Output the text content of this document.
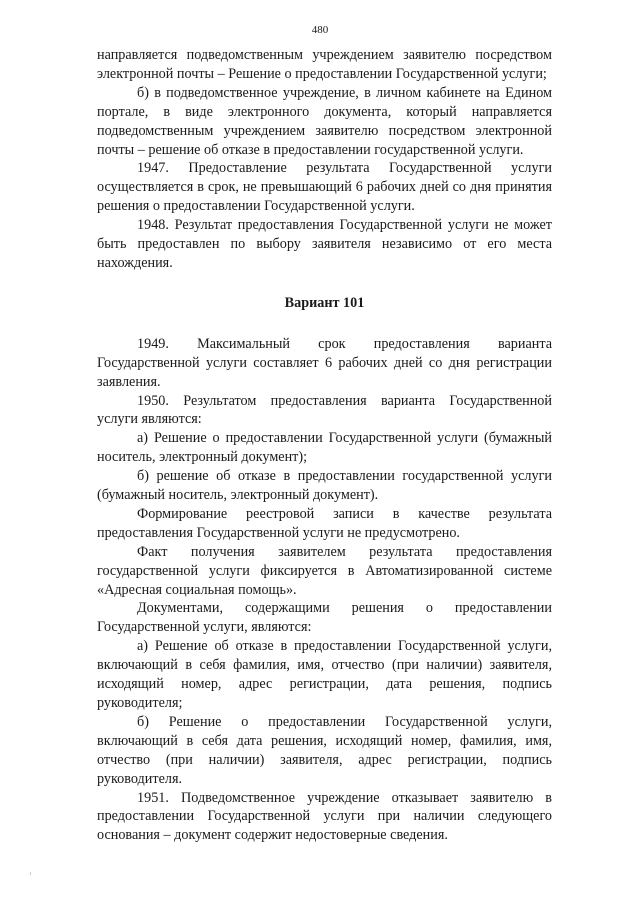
480

направляется подведомственным учреждением заявителю посредством электронной почты – Решение о предоставлении Государственной услуги;

б) в подведомственное учреждение, в личном кабинете на Едином портале, в виде электронного документа, который направляется подведомственным учреждением заявителю посредством электронной почты – решение об отказе в предоставлении государственной услуги.

1947. Предоставление результата Государственной услуги осуществляется в срок, не превышающий 6 рабочих дней со дня принятия решения о предоставлении Государственной услуги.

1948. Результат предоставления Государственной услуги не может быть предоставлен по выбору заявителя независимо от его места нахождения.

Вариант 101

1949. Максимальный срок предоставления варианта Государственной услуги составляет 6 рабочих дней со дня регистрации заявления.

1950. Результатом предоставления варианта Государственной услуги являются:

а) Решение о предоставлении Государственной услуги (бумажный носитель, электронный документ);

б) решение об отказе в предоставлении государственной услуги (бумажный носитель, электронный документ).

Формирование реестровой записи в качестве результата предоставления Государственной услуги не предусмотрено.

Факт получения заявителем результата предоставления государственной услуги фиксируется в Автоматизированной системе «Адресная социальная помощь».

Документами, содержащими решения о предоставлении Государственной услуги, являются:

а) Решение об отказе в предоставлении Государственной услуги, включающий в себя фамилия, имя, отчество (при наличии) заявителя, исходящий номер, адрес регистрации, дата решения, подпись руководителя;

б) Решение о предоставлении Государственной услуги, включающий в себя дата решения, исходящий номер, фамилия, имя, отчество (при наличии) заявителя, адрес регистрации, подпись руководителя.

1951. Подведомственное учреждение отказывает заявителю в предоставлении Государственной услуги при наличии следующего основания – документ содержит недостоверные сведения.
